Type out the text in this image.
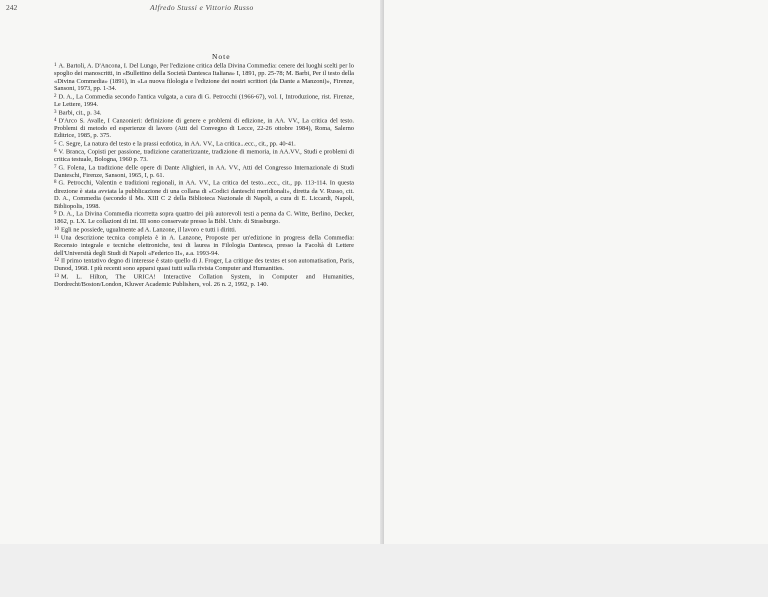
242	Alfredo Stussi e Vittorio Russo
Note
$^1$ A. Bartoli, A. D'Ancona, I. Del Lungo, Per l'edizione critica della Divina Commedia: cenere dei luoghi scelti per lo spoglio dei manoscritti, in «Bullettino della Società Dantesca Italiana» I, 1891, pp. 25-78; M. Barbi, Per il testo della «Divina Commedia» (1891), in «La nuova filologia e l'edizione dei nostri scrittori (da Dante a Manzoni)», Firenze, Sansoni, 1973, pp. 1-34.
$^2$ D. A., La Commedia secondo l'antica vulgata, a cura di G. Petrocchi (1966-67), vol. I, Introduzione, rist. Firenze, Le Lettere, 1994.
$^3$ Barbi, cit., p. 34.
$^4$ D'Arco S. Avalle, I Canzonieri: definizione di genere e problemi di edizione, in AA. VV., La critica del testo. Problemi di metodo ed esperienze di lavoro (Atti del Convegno di Lecce, 22-26 ottobre 1984), Roma, Salerno Editrice, 1985, p. 375.
$^5$ C. Segre, La natura del testo e la prassi ecdotica, in AA. VV., La critica...ecc., cit., pp. 40-41.
$^6$ V. Branca, Copisti per passione, tradizione caratterizzante, tradizione di memoria, in AA.VV., Studi e problemi di critica testuale, Bologna, 1960 p. 73.
$^7$ G. Folena, La tradizione delle opere di Dante Alighieri, in AA. VV., Atti del Congresso Internazionale di Studi Danteschi, Firenze, Sansoni, 1965, I, p. 61.
$^8$ G. Petrocchi, Valentin e tradizioni regionali, in AA. VV., La critica del testo...ecc., cit., pp. 113-114. In questa direzione è stata avviata la pubblicazione di una collana di «Codici danteschi meridionali», diretta da V. Russo, cit. D. A., Commedia (secondo il Ms. XIII C 2 della Biblioteca Nazionale di Napoli, a cura di E. Liccardi, Napoli, Bibliopolis, 1998.
$^9$ D. A., La Divina Commedia ricorretta sopra quattro dei più autorevoli testi a penna da C. Witte, Berlino, Decker, 1862, p. LX. Le collazioni di int. III sono conservate presso la Bibl. Univ. di Strasburgo.
$^{10}$ Egli ne possiede, ugualmente ad A. Lanzone, il lavoro e tutti i diritti.
$^{11}$ Una descrizione tecnica completa è in A. Lanzone, Proposte per un'edizione in progress della Commedia: Recensio integrale e tecniche elettroniche, tesi di laurea in Filologia Dantesca, presso la Facoltà di Lettere dell'Università degli Studi di Napoli «Federico II», a.a. 1993-94.
$^{12}$ Il primo tentativo degno di interesse è stato quello di J. Froger, La critique des textes et son automatisation, Paris, Dunod, 1968. I più recenti sono apparsi quasi tutti sulla rivista Computer and Humanities.
$^{13}$ M. L. Hilton, The URICA! Interactive Collation System, in Computer and Humanities, Dordrecht/Boston/London, Kluwer Academic Publishers, vol. 26 n. 2, 1992, p. 140.
